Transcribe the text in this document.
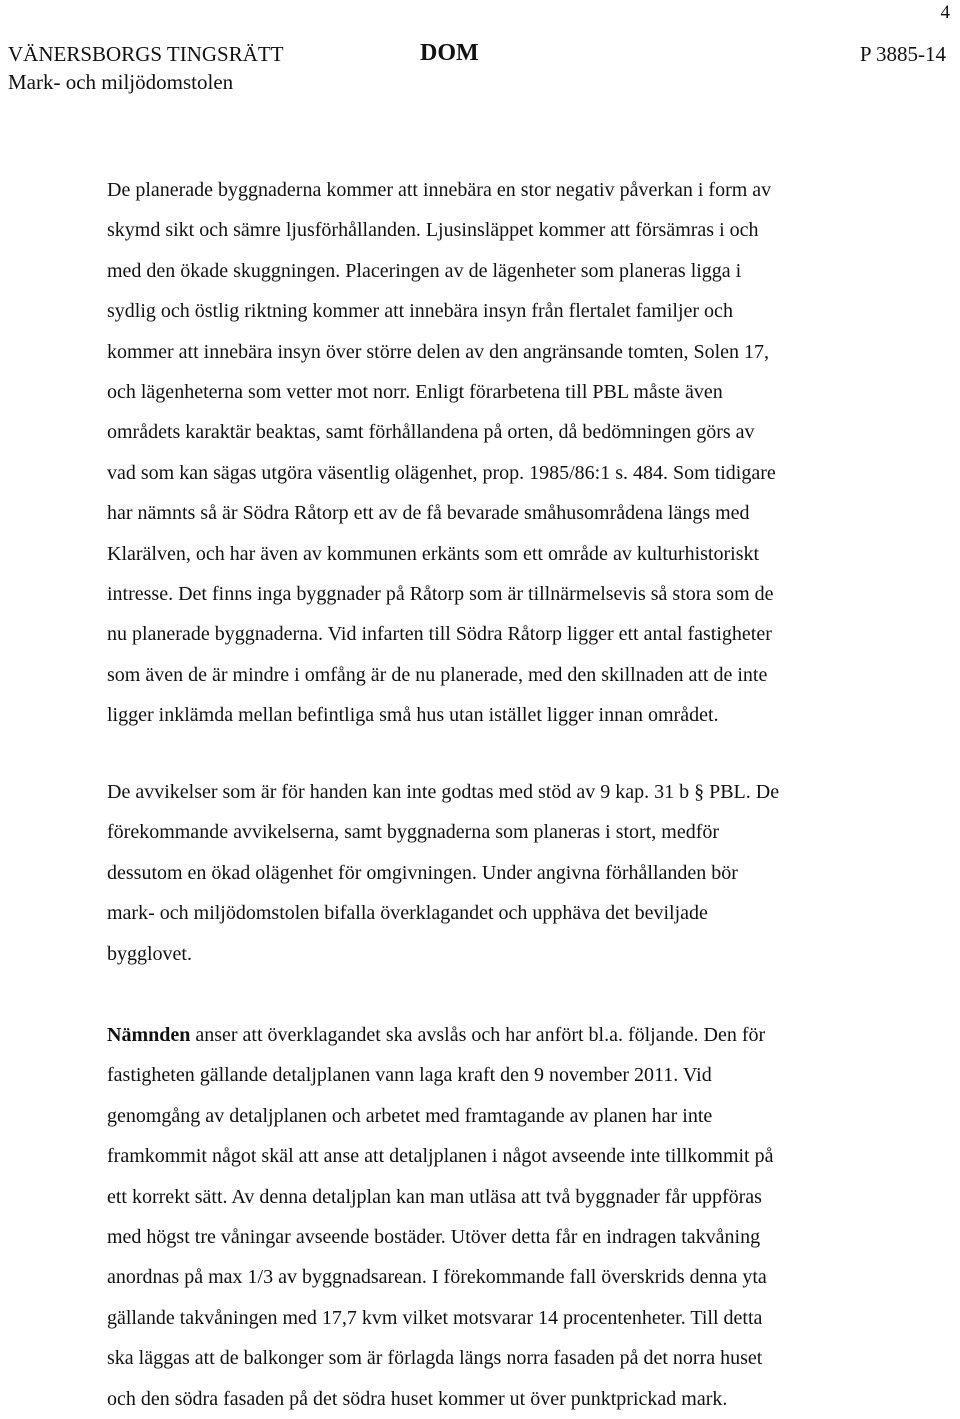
4
VÄNERSBORGS TINGSRÄTT
Mark- och miljödomstolen
DOM	P 3885-14
De planerade byggnaderna kommer att innebära en stor negativ påverkan i form av
skymd sikt och sämre ljusförhållanden. Ljusinsläppet kommer att försämras i och
med den ökade skuggningen. Placeringen av de lägenheter som planeras ligga i
sydlig och östlig riktning kommer att innebära insyn från flertalet familjer och
kommer att innebära insyn över större delen av den angränsande tomten, Solen 17,
och lägenheterna som vetter mot norr. Enligt förarbetena till PBL måste även
områdets karaktär beaktas, samt förhållandena på orten, då bedömningen görs av
vad som kan sägas utgöra väsentlig olägenhet, prop. 1985/86:1 s. 484. Som tidigare
har nämnts så är Södra Råtorp ett av de få bevarade småhusområdena längs med
Klarälven, och har även av kommunen erkänts som ett område av kulturhistoriskt
intresse. Det finns inga byggnader på Råtorp som är tillnärmelsevis så stora som de
nu planerade byggnaderna. Vid infarten till Södra Råtorp ligger ett antal fastigheter
som även de är mindre i omfång är de nu planerade, med den skillnaden att de inte
ligger inklämda mellan befintliga små hus utan istället ligger innan området.
De avvikelser som är för handen kan inte godtas med stöd av 9 kap. 31 b § PBL. De
förekommande avvikelserna, samt byggnaderna som planeras i stort, medför
dessutom en ökad olägenhet för omgivningen. Under angivna förhållanden bör
mark- och miljödomstolen bifalla överklagandet och upphäva det beviljade
bygglovet.
Nämnden anser att överklagandet ska avslås och har anfört bl.a. följande. Den för
fastigheten gällande detaljplanen vann laga kraft den 9 november 2011. Vid
genomgång av detaljplanen och arbetet med framtagande av planen har inte
framkommit något skäl att anse att detaljplanen i något avseende inte tillkommit på
ett korrekt sätt. Av denna detaljplan kan man utläsa att två byggnader får uppföras
med högst tre våningar avseende bostäder. Utöver detta får en indragen takvåning
anordnas på max 1/3 av byggnadsarean. I förekommande fall överskrids denna yta
gällande takvåningen med 17,7 kvm vilket motsvarar 14 procentenheter. Till detta
ska läggas att de balkonger som är förlagda längs norra fasaden på det norra huset
och den södra fasaden på det södra huset kommer ut över punktprickad mark.
